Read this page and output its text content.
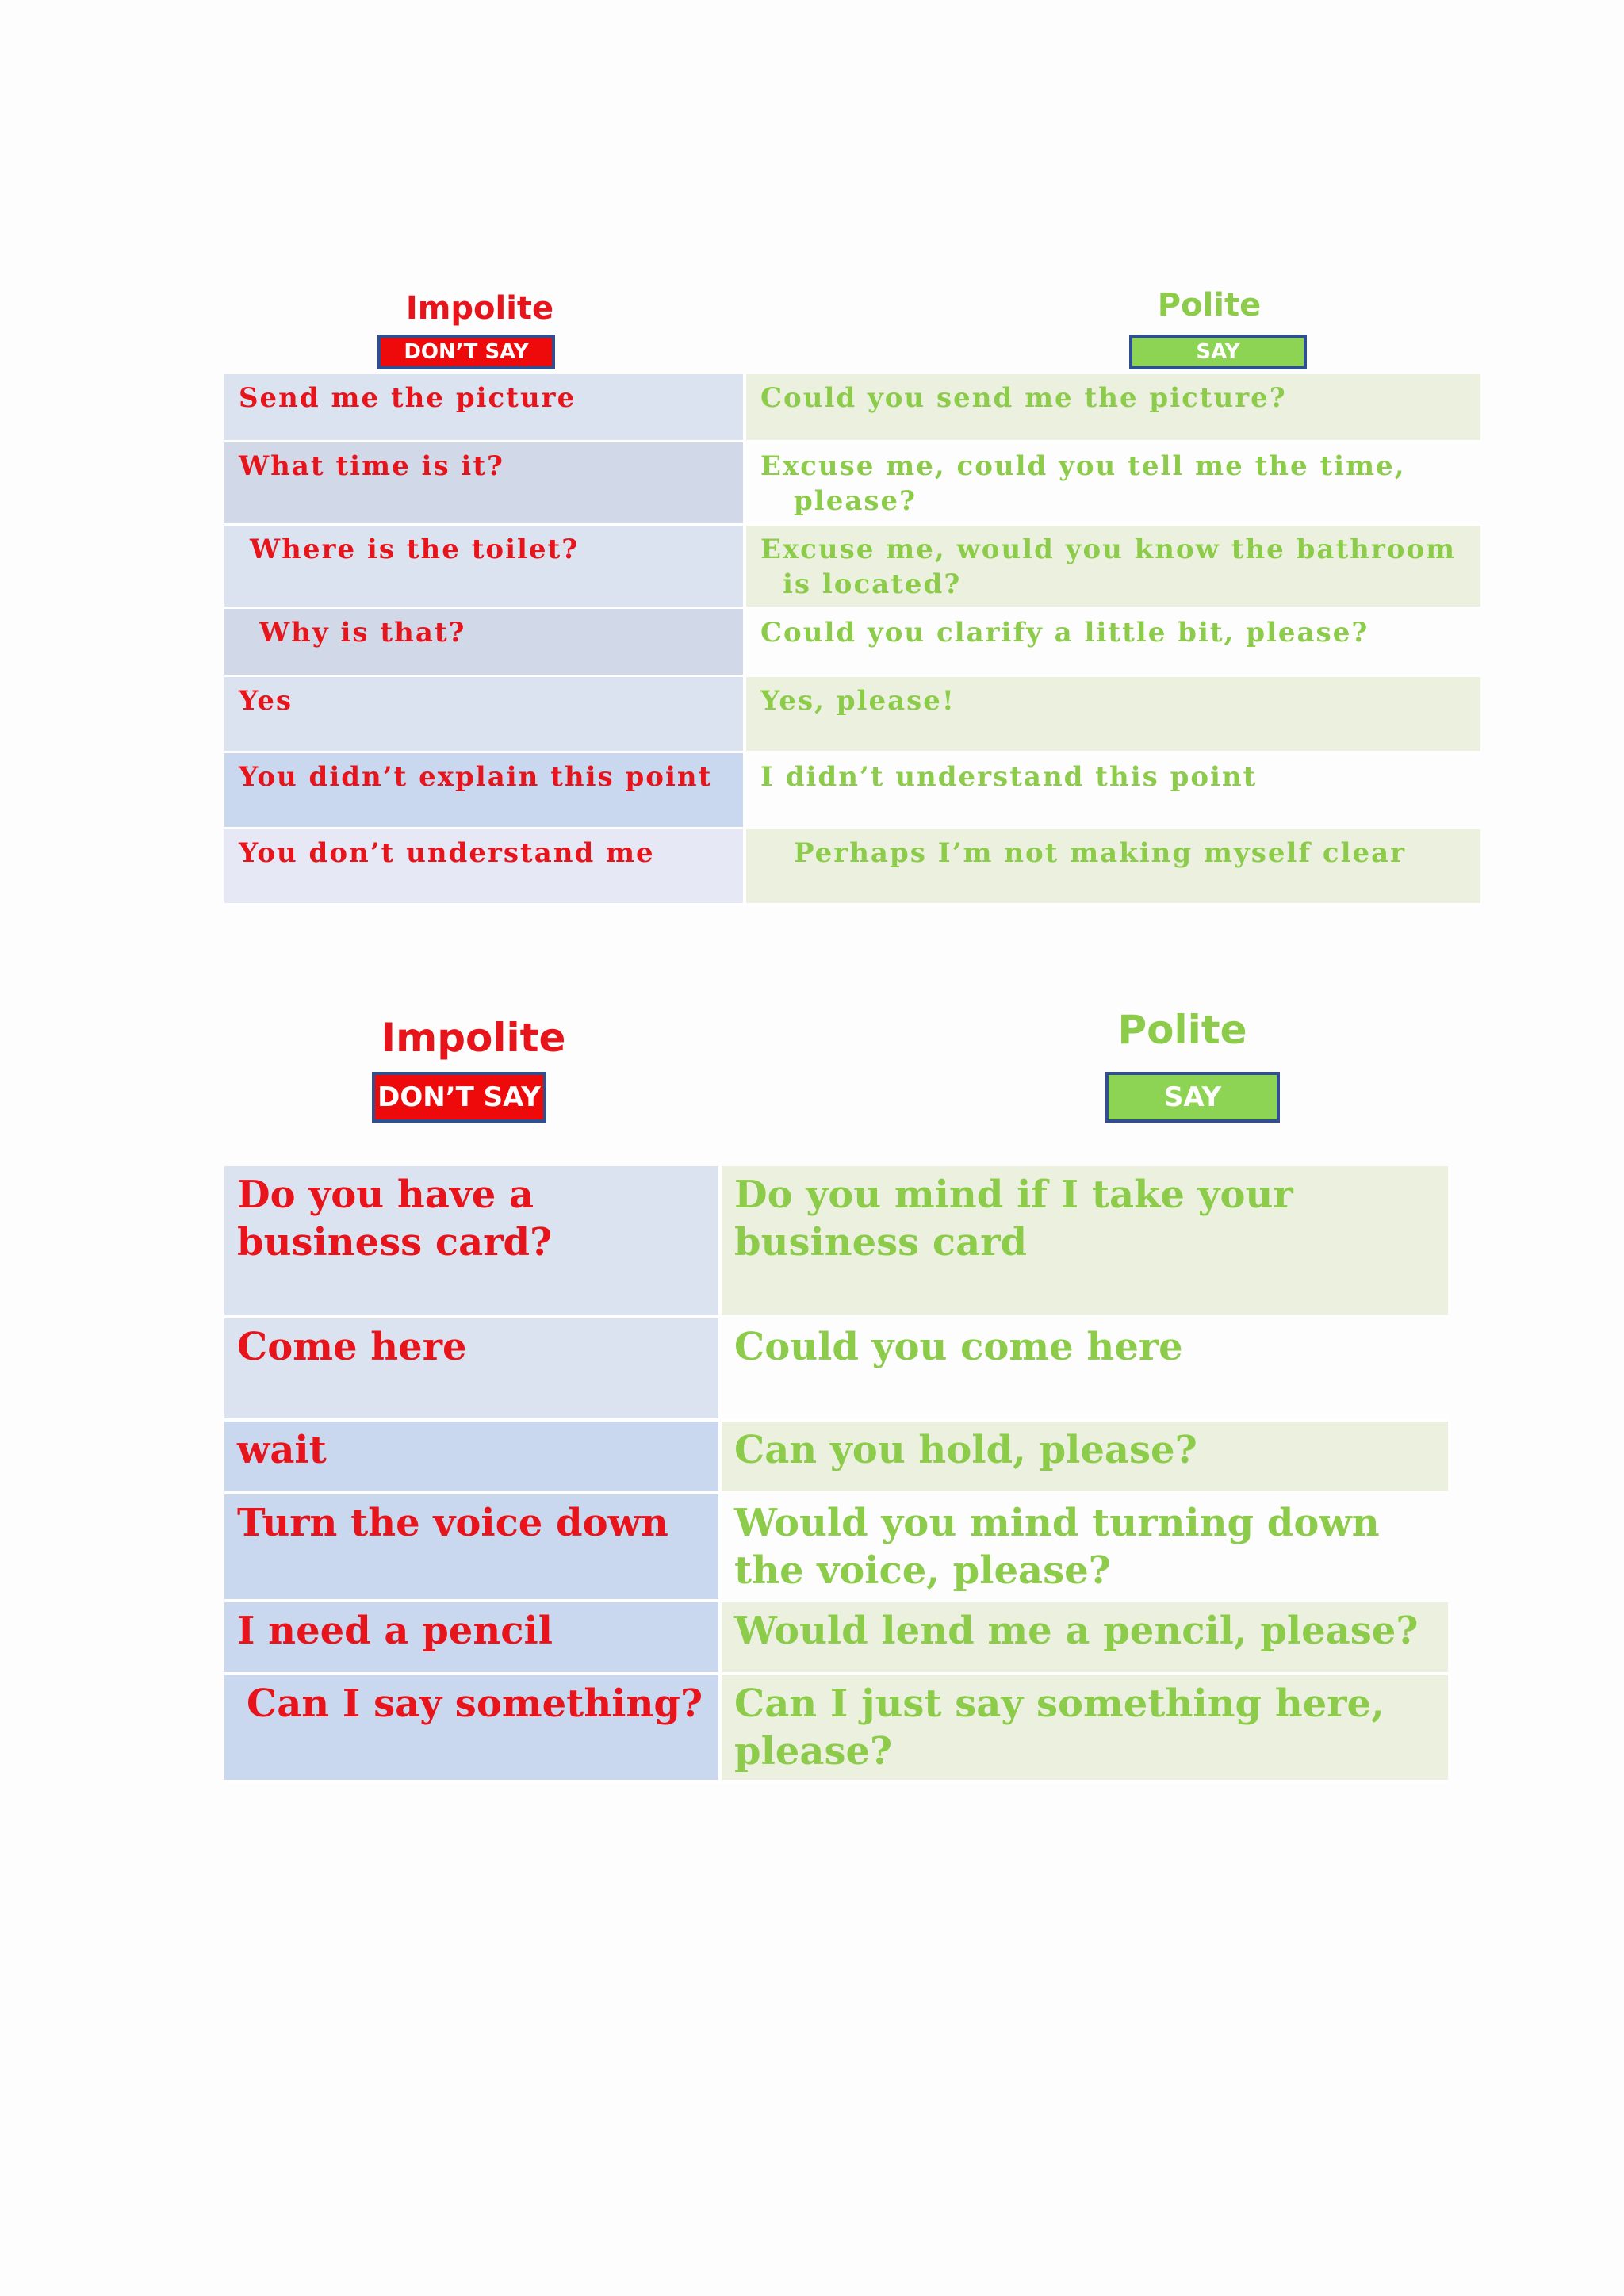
Impolite
DON’T SAY
Polite
SAY
Send me the picture	Could you send me the picture?

What time is it?	Excuse me, could you tell me the time, please?

Where is the toilet?	Excuse me, would you know the bathroom is located?

Why is that?	Could you clarify a little bit, please?

Yes	Yes, please!

You didn’t explain this point	I didn’t understand this point

You don’t understand me	Perhaps I’m not making myself clear
Impolite
DON’T SAY
Polite
SAY
Do you have a business card?	Do you mind if I take your business card

Come here	Could you come here

wait	Can you hold, please?

Turn the voice down	Would you mind turning down the voice, please?

I need a pencil	Would lend me a pencil, please?

Can I say something?	Can I just say something here, please?
